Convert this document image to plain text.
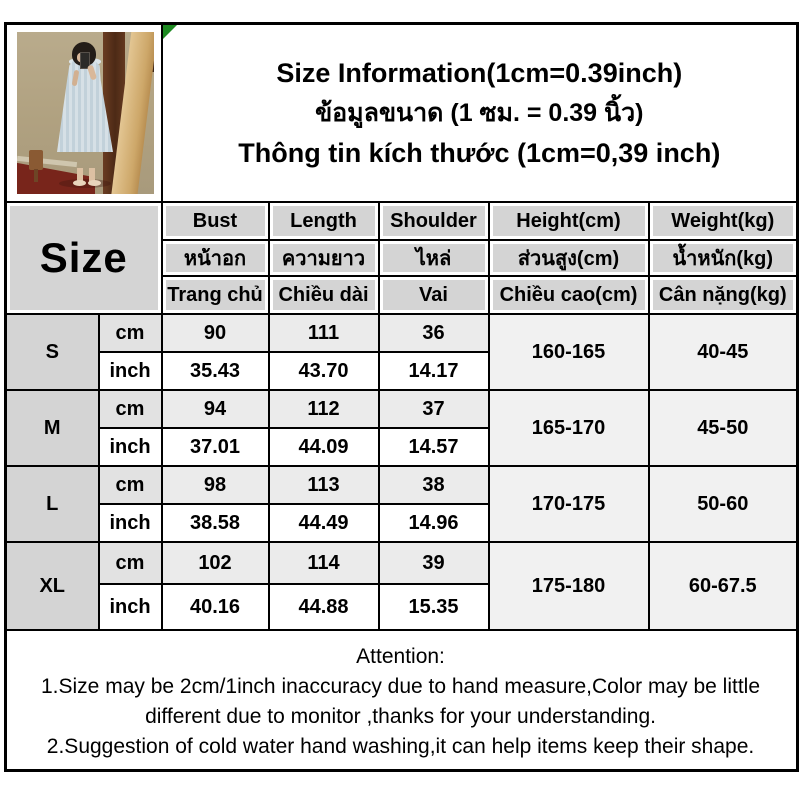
		Size Information(1cm=0.39inch)
ข้อมูลขนาด (1 ซม. = 0.39 นิ้ว)
Thông tin kích thước (1cm=0,39 inch)				

Size		Bust	Length	Shoulder	Height(cm)	Weight(kg)

		หน้าอก	ความยาว	ไหล่	ส่วนสูง(cm)	น้ำหนัก(kg)

		Trang chủ	Chiều dài	Vai	Chiều cao(cm)	Cân nặng(kg)

S	cm	90	111	36	160-165	40-45
	inch	35.43	43.70	14.17		
M	cm	94	112	37	165-170	45-50
	inch	37.01	44.09	14.57		
L	cm	98	113	38	170-175	50-60
	inch	38.58	44.49	14.96		
XL	cm	102	114	39	175-180	60-67.5
	inch	40.16	44.88	15.35		

Attention:
1.Size may be 2cm/1inch inaccuracy due to hand measure,Color may be little different due to monitor ,thanks for your understanding.
2.Suggestion of cold water hand washing,it can help items keep their shape.						
